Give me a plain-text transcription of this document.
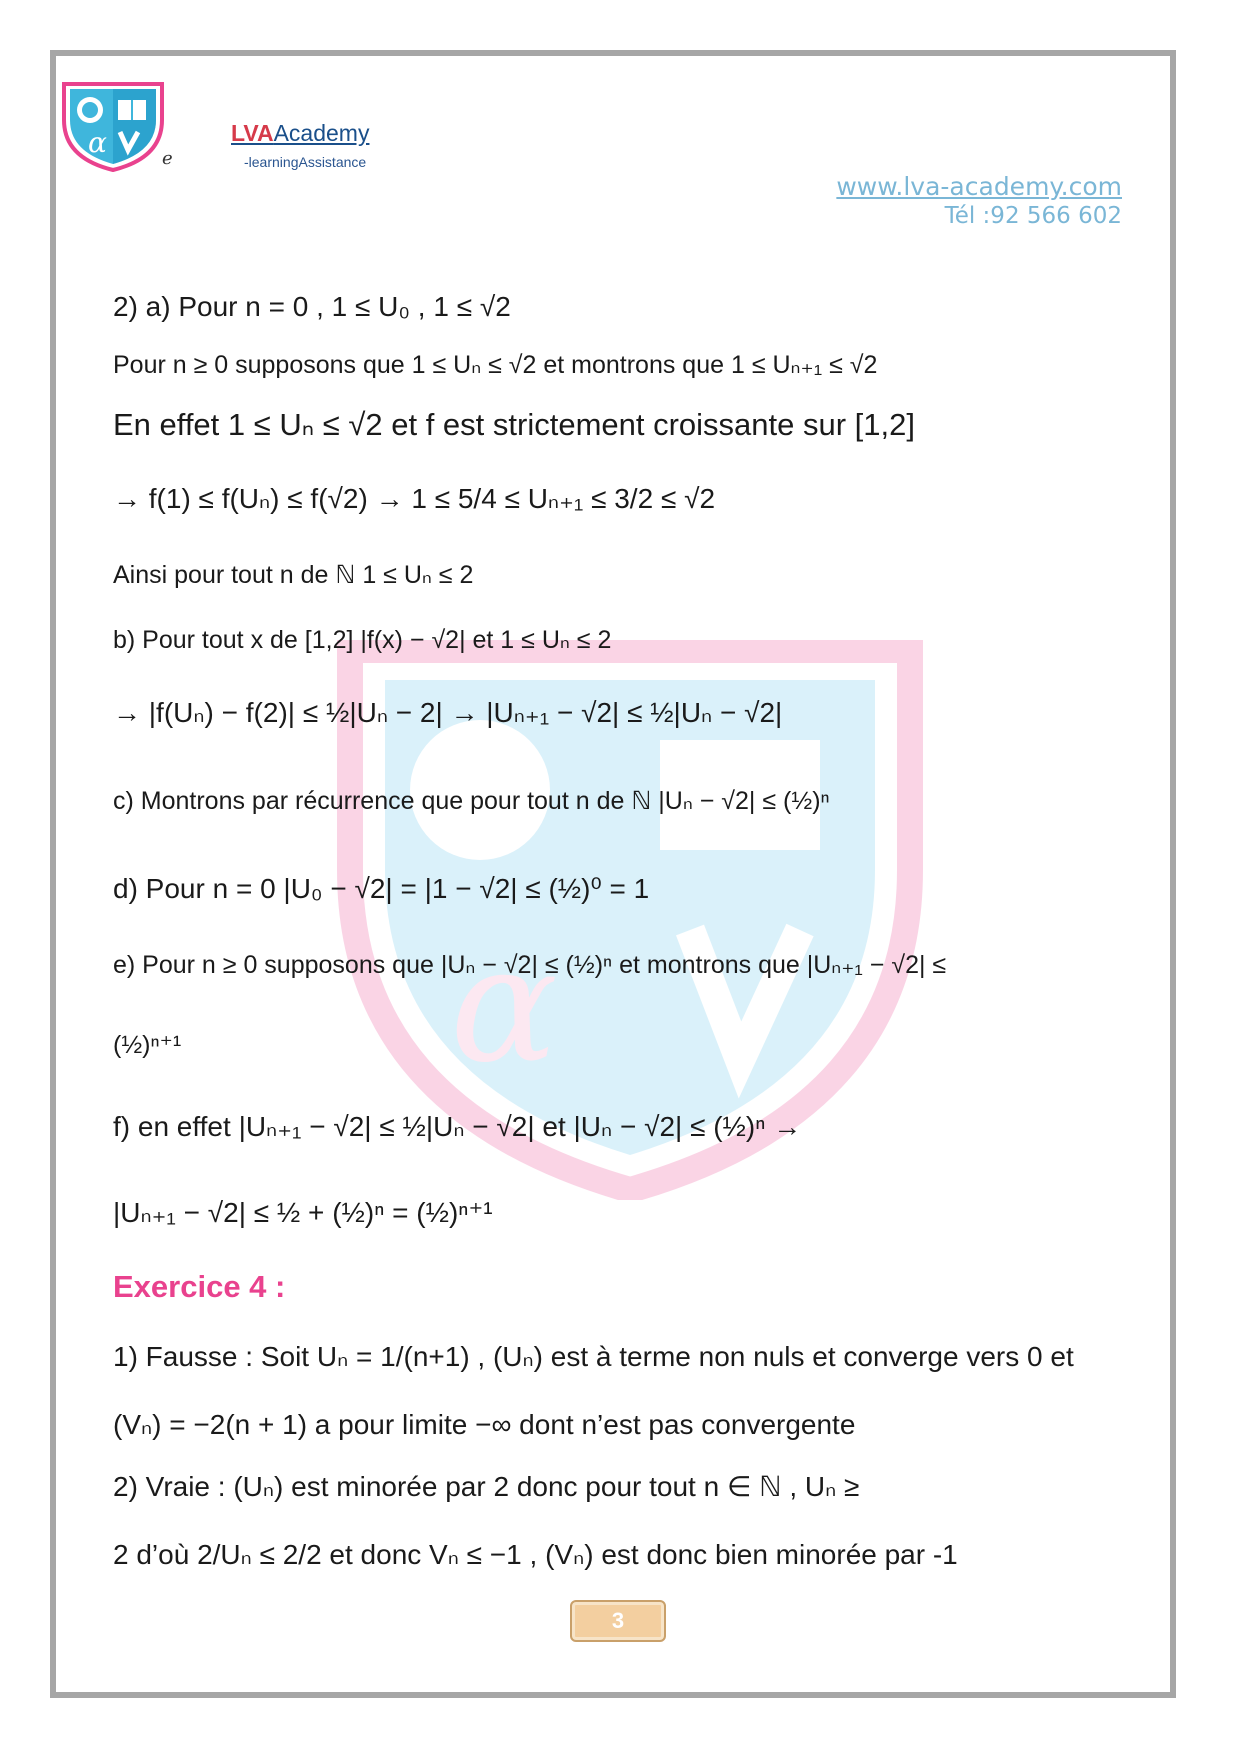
α	e
LVAAcademy
-learningAssistance
www.lva-academy.com
Tél :92 566 602
α
2) a) Pour n = 0 , 1 ≤ U₀ , 1 ≤ √2
Pour n ≥ 0 supposons que 1 ≤ Uₙ ≤ √2 et montrons que 1 ≤ Uₙ₊₁ ≤ √2
En effet 1 ≤ Uₙ ≤ √2 et f est strictement croissante sur [1,2]
→ f(1) ≤ f(Uₙ) ≤ f(√2) → 1 ≤ 5/4 ≤ Uₙ₊₁ ≤ 3/2 ≤ √2
Ainsi pour tout n de ℕ 1 ≤ Uₙ ≤ 2
b) Pour tout x de [1,2] |f(x) − √2| et 1 ≤ Uₙ ≤ 2
→ |f(Uₙ) − f(2)| ≤ ½|Uₙ − 2| → |Uₙ₊₁ − √2| ≤ ½|Uₙ − √2|
c) Montrons par récurrence que pour tout n de ℕ |Uₙ − √2| ≤ (½)ⁿ
d) Pour n = 0 |U₀ − √2| = |1 − √2| ≤ (½)⁰ = 1
e) Pour n ≥ 0 supposons que |Uₙ − √2| ≤ (½)ⁿ et montrons que |Uₙ₊₁ − √2| ≤
(½)ⁿ⁺¹
f) en effet |Uₙ₊₁ − √2| ≤ ½|Uₙ − √2| et |Uₙ − √2| ≤ (½)ⁿ →
|Uₙ₊₁ − √2| ≤ ½ + (½)ⁿ = (½)ⁿ⁺¹
Exercice 4 :
1) Fausse : Soit Uₙ = 1/(n+1) , (Uₙ) est à terme non nuls et converge vers 0 et
(Vₙ) = −2(n + 1) a pour limite −∞ dont n’est pas convergente
2) Vraie : (Uₙ) est minorée par 2 donc pour tout n ∈ ℕ , Uₙ ≥
2 d’où 2/Uₙ ≤ 2/2 et donc Vₙ ≤ −1 , (Vₙ) est donc bien minorée par -1
3
